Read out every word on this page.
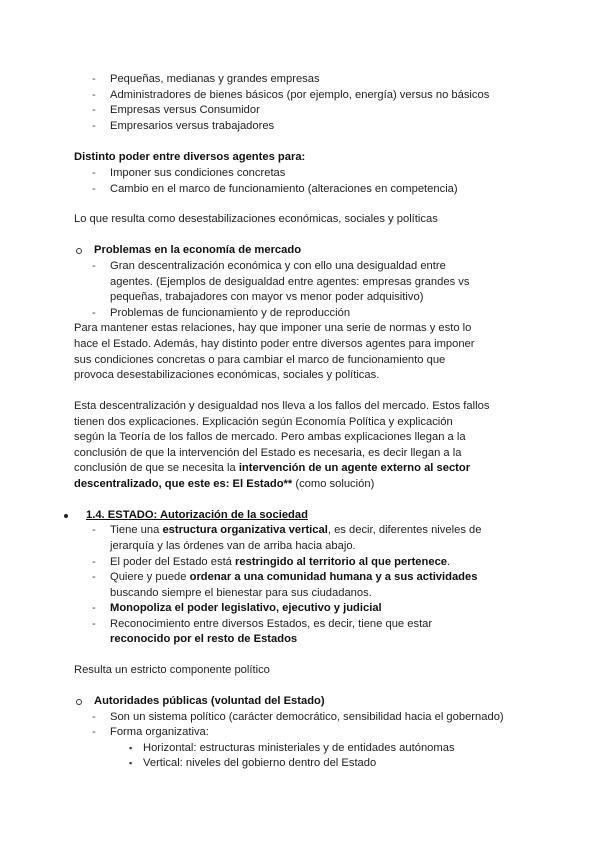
- Pequeñas, medianas y grandes empresas
- Administradores de bienes básicos (por ejemplo, energía) versus no básicos
- Empresas versus Consumidor
- Empresarios versus trabajadores
Distinto poder entre diversos agentes para:
- Imponer sus condiciones concretas
- Cambio en el marco de funcionamiento (alteraciones en competencia)
Lo que resulta como desestabilizaciones económicas, sociales y políticas
Problemas en la economía de mercado
- Gran descentralización económica y con ello una desigualdad entre
agentes. (Ejemplos de desigualdad entre agentes: empresas grandes vs
pequeñas, trabajadores con mayor vs menor poder adquisitivo)
- Problemas de funcionamiento y de reproducción
Para mantener estas relaciones, hay que imponer una serie de normas y esto lo
hace el Estado. Además, hay distinto poder entre diversos agentes para imponer
sus condiciones concretas o para cambiar el marco de funcionamiento que
provoca desestabilizaciones económicas, sociales y políticas.
Esta descentralización y desigualdad nos lleva a los fallos del mercado. Estos fallos
tienen dos explicaciones. Explicación según Economía Política y explicación
según la Teoría de los fallos de mercado. Pero ambas explicaciones llegan a la
conclusión de que la intervención del Estado es necesaria, es decir llegan a la
conclusión de que se necesita la intervención de un agente externo al sector
descentralizado, que este es: El Estado** (como solución)
1.4. ESTADO: Autorización de la sociedad
- Tiene una estructura organizativa vertical, es decir, diferentes niveles de
jerarquía y las órdenes van de arriba hacia abajo.
- El poder del Estado está restringido al territorio al que pertenece.
- Quiere y puede ordenar a una comunidad humana y a sus actividades
buscando siempre el bienestar para sus ciudadanos.
- Monopoliza el poder legislativo, ejecutivo y judicial
- Reconocimiento entre diversos Estados, es decir, tiene que estar
reconocido por el resto de Estados
Resulta un estricto componente político
Autoridades públicas (voluntad del Estado)
- Son un sistema político (carácter democrático, sensibilidad hacia el gobernado)
- Forma organizativa:
▪ Horizontal: estructuras ministeriales y de entidades autónomas
▪ Vertical: niveles del gobierno dentro del Estado
